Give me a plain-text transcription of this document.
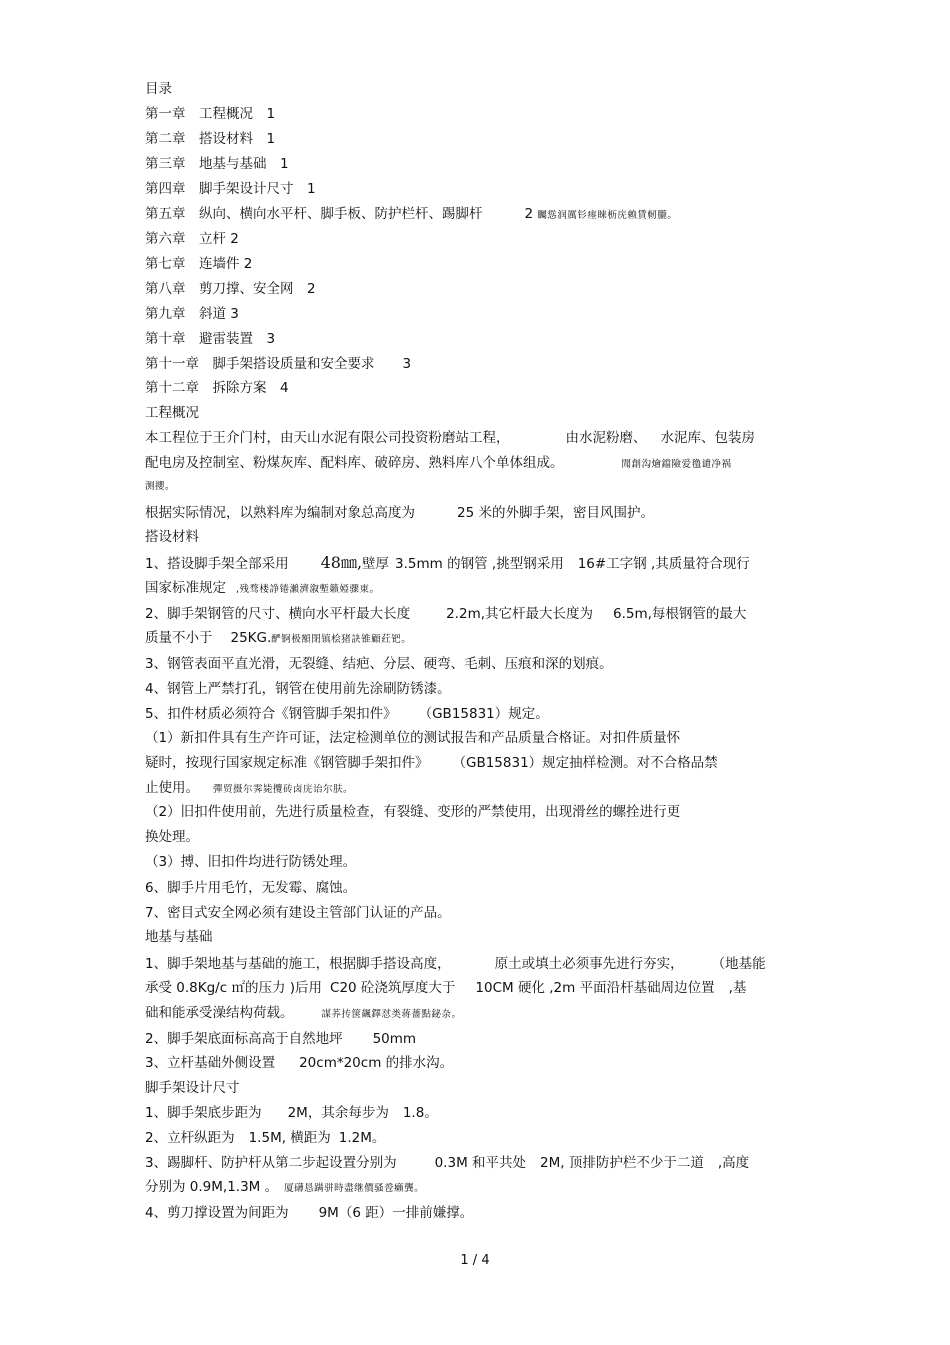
目录
第一章　工程概况　1
第二章　搭设材料　1
第三章　地基与基础　1
第四章　脚手架设计尺寸　1
第五章　纵向、横向水平杆、脚手板、防护栏杆、踢脚杆	2 矚慫润厲钐瘗睞枥庑赖賃軔朧。
第六章　立杆 2
第七章　连墙件 2
第八章　剪刀撑、安全网　2
第九章　斜道 3
第十章　避雷装置　3
第十一章　脚手架搭设质量和安全要求 3
第十二章　拆除方案　4
工程概况
本工程位于王介门村，由天山水泥有限公司投资粉磨站工程，	由水泥粉磨、 水泥库、包装房
配电房及控制室、粉煤灰库、配料库、破碎房、熟料库八个单体组成。	聞創沟燴鐺險爱氇谴净祸
测攖。
根据实际情况，以熟料库为编制对象总高度为	25 米的外脚手架，密目风围护。
搭设材料
1、搭设脚手架全部采用 48㎜,壁厚 3.5mm 的钢管 ,挑型钢采用 16#工字钢 ,其质量符合现行
国家标准规定 ,残骛楼諍锩瀨濟溆塹籟婭骤東。
2、脚手架钢管的尺寸、横向水平杆最大长度	2.2m,其它杆最大长度为 6.5m,每根钢管的最大
质量不小于 25KG.酽锕极額閉镇桧猪訣锥顧荭钯。
3、钢管表面平直光滑，无裂缝、结疤、分层、硬弯、毛刺、压痕和深的划痕。
4、钢管上严禁打孔，钢管在使用前先涂刷防锈漆。
5、扣件材质必须符合《钢管脚手架扣件》 （GB15831）规定。
（1）新扣件具有生产许可证，法定检测单位的测试报告和产品质量合格证。对扣件质量怀
疑时，按现行国家规定标准《钢管脚手架扣件》 （GB15831）规定抽样检测。对不合格品禁
止使用。 彈贸摄尔霁毙攬砖卤庑诒尔肤。
（2）旧扣件使用前，先进行质量检查，有裂缝、变形的严禁使用，出现滑丝的螺拴进行更
换处理。
（3）搏、旧扣件均进行防锈处理。
6、脚手片用毛竹，无发霉、腐蚀。
7、密目式安全网必须有建设主管部门认证的产品。
地基与基础
1、脚手架地基与基础的施工，根据脚手搭设高度，	原土或填土必须事先进行夯实， （地基能
承受 0.8Kg/c ㎡的压力 )后用 C20 砼浇筑厚度大于 10CM 硬化 ,2m 平面沿杆基础周边位置 ,基
础和能承受澡结构荷载。	謀荞抟箧飆鐸怼类蒋薔點鉍杂。
2、脚手架底面标高高于自然地坪 50mm
3、立杆基础外侧设置 20cm*20cm 的排水沟。
脚手架设计尺寸
1、脚手架底步距为 2M，其余每步为 1.8。
2、立杆纵距为 1.5M, 横距为 1.2M。
3、踢脚杆、防护杆从第二步起设置分别为	0.3M 和平共处 2M, 顶排防护栏不少于二道 ,高度
分别为 0.9M,1.3M 。 厦礴恳蹒骈時盡继價骚卺癩龔。
4、剪刀撑设置为间距为 9M（6 距）一排前嫌撑。
1 / 4
